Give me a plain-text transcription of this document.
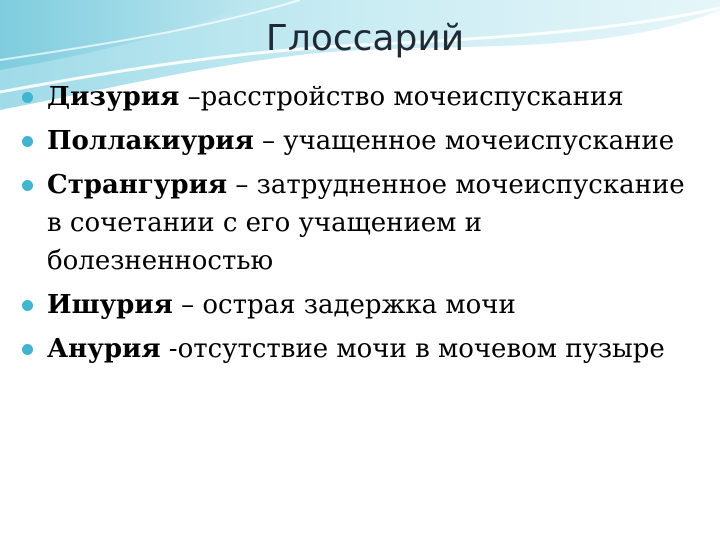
Глоссарий
Дизурия –расстройство мочеиспускания
Поллакиурия – учащенное мочеиспускание
Странгурия – затрудненное мочеиспускание в сочетании с его учащением и болезненностью
Ишурия – острая задержка мочи
Анурия -отсутствие мочи в мочевом пузыре
